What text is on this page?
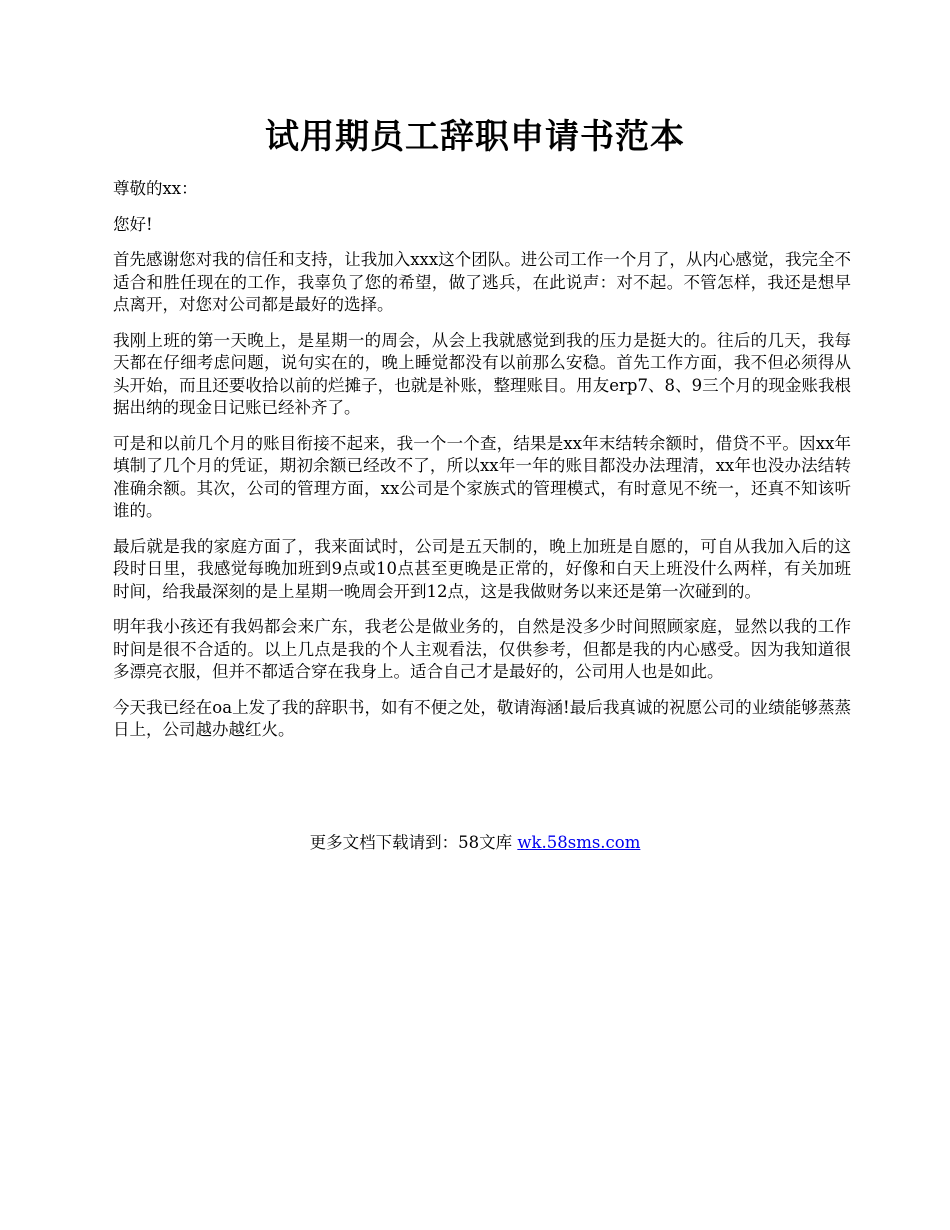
试用期员工辞职申请书范本

尊敬的xx：

您好!

首先感谢您对我的信任和支持，让我加入xxx这个团队。进公司工作一个月了，从内心感觉，我完全不适合和胜任现在的工作，我辜负了您的希望，做了逃兵，在此说声：对不起。不管怎样，我还是想早点离开，对您对公司都是最好的选择。

我刚上班的第一天晚上，是星期一的周会，从会上我就感觉到我的压力是挺大的。往后的几天，我每天都在仔细考虑问题，说句实在的，晚上睡觉都没有以前那么安稳。首先工作方面，我不但必须得从头开始，而且还要收拾以前的烂摊子，也就是补账，整理账目。用友erp7、8、9三个月的现金账我根据出纳的现金日记账已经补齐了。

可是和以前几个月的账目衔接不起来，我一个一个查，结果是xx年末结转余额时，借贷不平。因xx年填制了几个月的凭证，期初余额已经改不了，所以xx年一年的账目都没办法理清，xx年也没办法结转准确余额。其次，公司的管理方面，xx公司是个家族式的管理模式，有时意见不统一，还真不知该听谁的。

最后就是我的家庭方面了，我来面试时，公司是五天制的，晚上加班是自愿的，可自从我加入后的这段时日里，我感觉每晚加班到9点或10点甚至更晚是正常的，好像和白天上班没什么两样，有关加班时间，给我最深刻的是上星期一晚周会开到12点，这是我做财务以来还是第一次碰到的。

明年我小孩还有我妈都会来广东，我老公是做业务的，自然是没多少时间照顾家庭，显然以我的工作时间是很不合适的。以上几点是我的个人主观看法，仅供参考，但都是我的内心感受。因为我知道很多漂亮衣服，但并不都适合穿在我身上。适合自己才是最好的，公司用人也是如此。

今天我已经在oa上发了我的辞职书，如有不便之处，敬请海涵!最后我真诚的祝愿公司的业绩能够蒸蒸日上，公司越办越红火。

更多文档下载请到：58文库 wk.58sms.com
